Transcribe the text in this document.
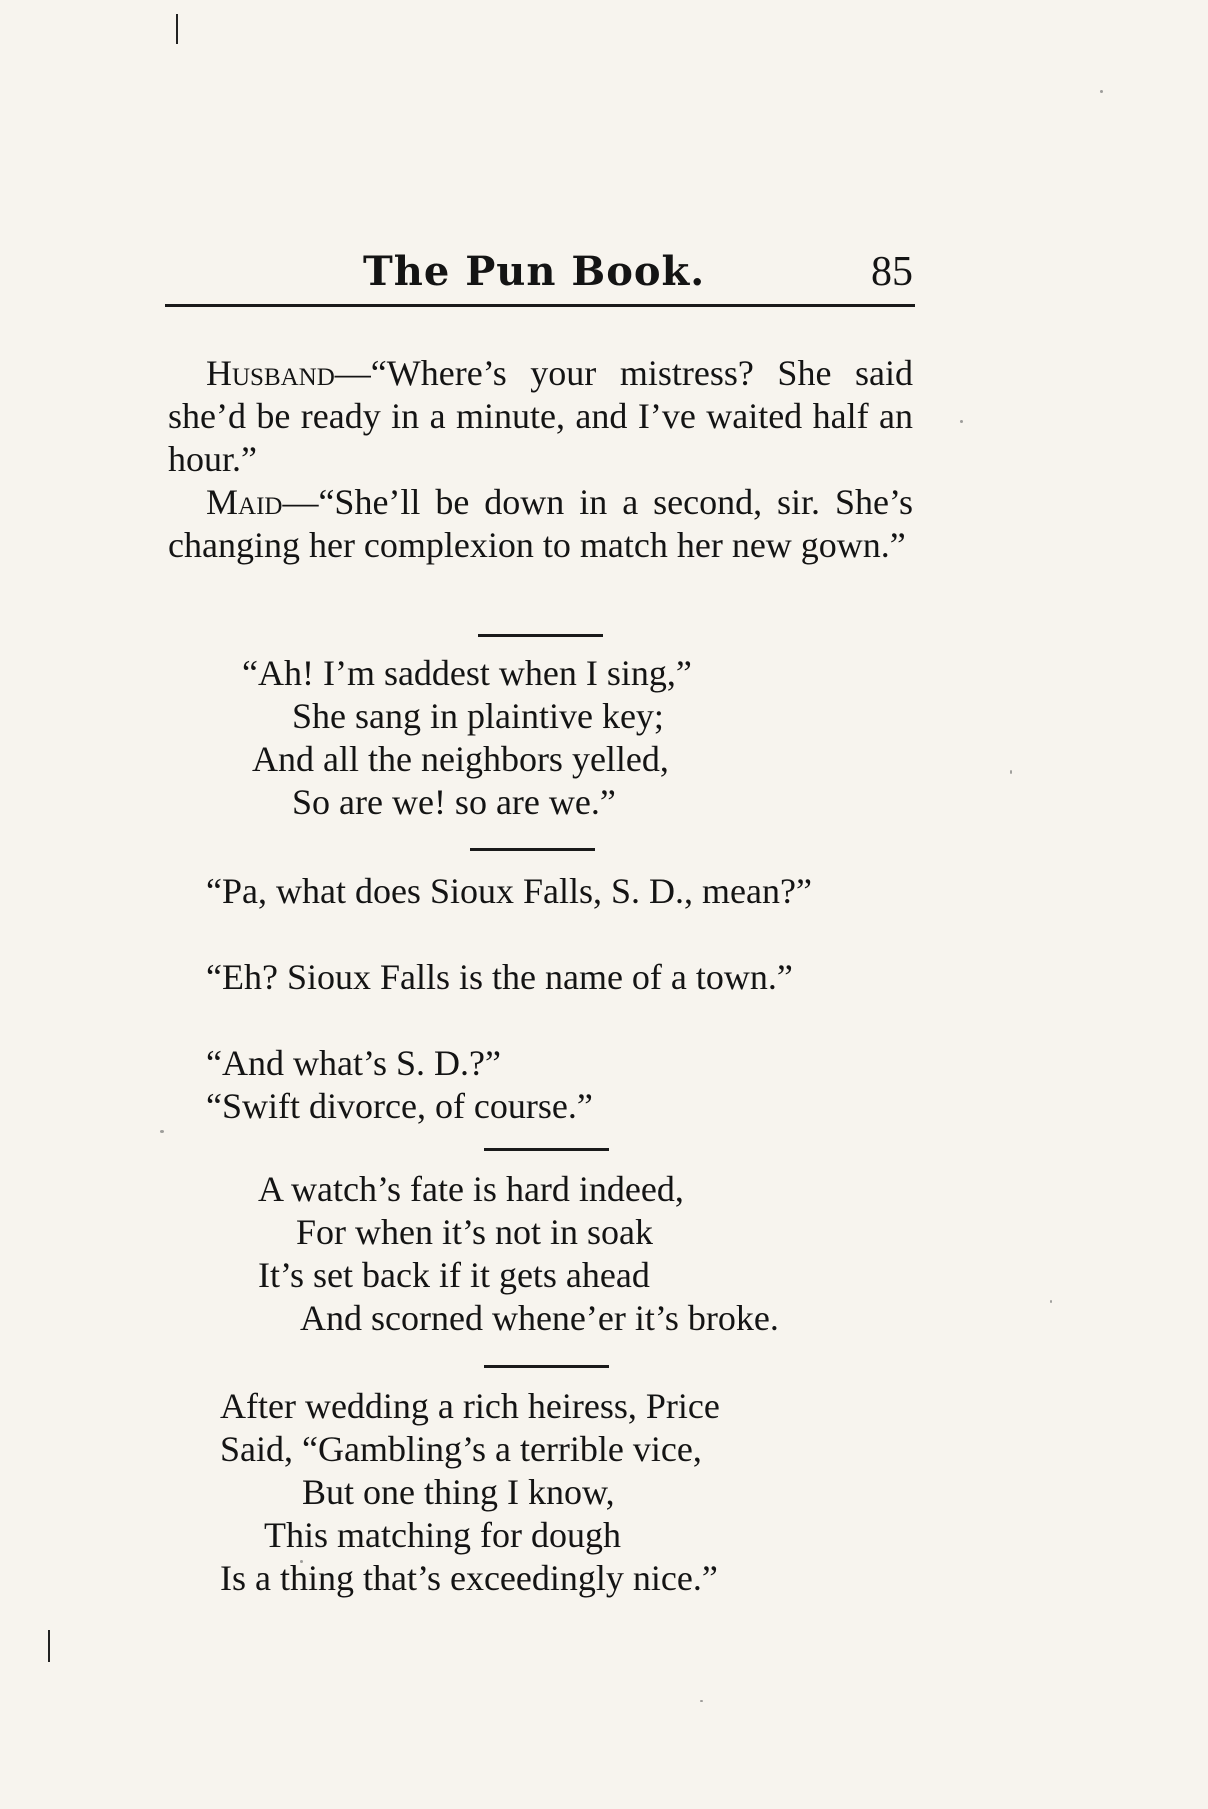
The Pun Book.	85

Husband—“Where’s your mistress? She said she’d be ready in a minute, and I’ve waited half an hour.”

Maid—“She’ll be down in a second, sir. She’s changing her complexion to match her new gown.”

“Ah! I’m saddest when I sing,”
She sang in plaintive key;
And all the neighbors yelled,
So are we! so are we.”

“Pa, what does Sioux Falls, S. D., mean?”

“Eh? Sioux Falls is the name of a town.”

“And what’s S. D.?”

“Swift divorce, of course.”

A watch’s fate is hard indeed,
For when it’s not in soak
It’s set back if it gets ahead
And scorned whene’er it’s broke.
After wedding a rich heiress, Price
Said, “Gambling’s a terrible vice,
But one thing I know,
This matching for dough
Is a thing that’s exceedingly nice.”
